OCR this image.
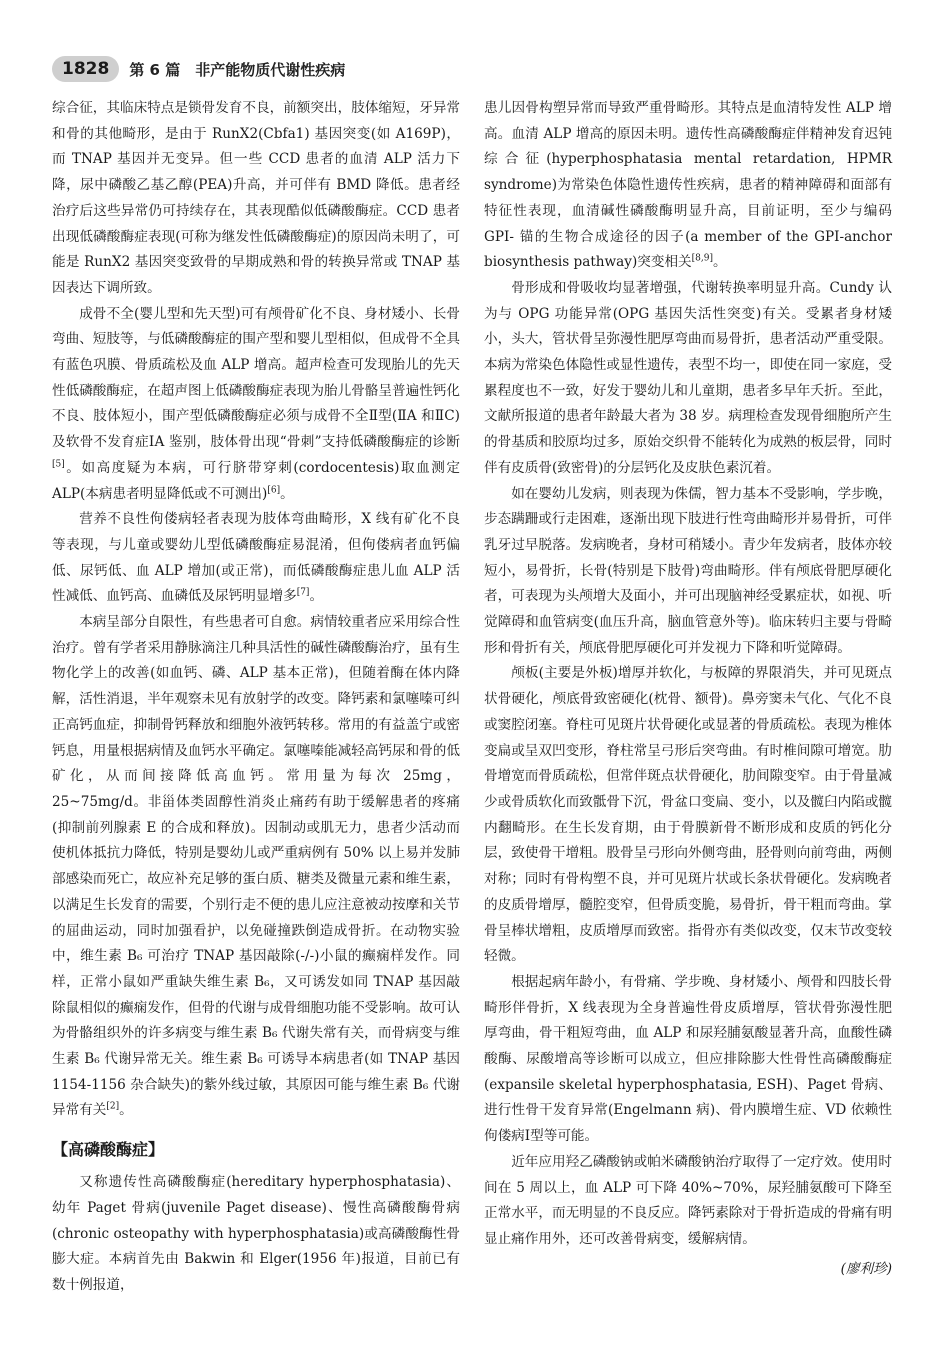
1828	第 6 篇　非产能物质代谢性疾病

综合征，其临床特点是锁骨发育不良，前额突出，肢体缩短，牙异常和骨的其他畸形，是由于 RunX2(Cbfa1) 基因突变(如 A169P)，而 TNAP 基因并无变异。但一些 CCD 患者的血清 ALP 活力下降，尿中磷酸乙基乙醇(PEA)升高，并可伴有 BMD 降低。患者经治疗后这些异常仍可持续存在，其表现酷似低磷酸酶症。CCD 患者出现低磷酸酶症表现(可称为继发性低磷酸酶症)的原因尚未明了，可能是 RunX2 基因突变致骨的早期成熟和骨的转换异常或 TNAP 基因表达下调所致。

成骨不全(婴儿型和先天型)可有颅骨矿化不良、身材矮小、长骨弯曲、短肢等，与低磷酸酶症的围产型和婴儿型相似，但成骨不全具有蓝色巩膜、骨质疏松及血 ALP 增高。超声检查可发现胎儿的先天性低磷酸酶症，在超声图上低磷酸酶症表现为胎儿骨骼呈普遍性钙化不良、肢体短小，围产型低磷酸酶症必须与成骨不全Ⅱ型(ⅡA 和ⅡC)及软骨不发育症ⅠA 鉴别，肢体骨出现“骨刺”支持低磷酸酶症的诊断[5]。如高度疑为本病，可行脐带穿刺(cordocentesis)取血测定 ALP(本病患者明显降低或不可测出)[6]。

营养不良性佝偻病轻者表现为肢体弯曲畸形，X 线有矿化不良等表现，与儿童或婴幼儿型低磷酸酶症易混淆，但佝偻病者血钙偏低、尿钙低、血 ALP 增加(或正常)，而低磷酸酶症患儿血 ALP 活性减低、血钙高、血磷低及尿钙明显增多[7]。

本病呈部分自限性，有些患者可自愈。病情较重者应采用综合性治疗。曾有学者采用静脉滴注几种具活性的碱性磷酸酶治疗，虽有生物化学上的改善(如血钙、磷、ALP 基本正常)，但随着酶在体内降解，活性消退，半年观察未见有放射学的改变。降钙素和氯噻嗪可纠正高钙血症，抑制骨钙释放和细胞外液钙转移。常用的有益盖宁或密钙息，用量根据病情及血钙水平确定。氯噻嗪能减轻高钙尿和骨的低矿化，从而间接降低高血钙。常用量为每次 25mg，25~75mg/d。非甾体类固醇性消炎止痛药有助于缓解患者的疼痛(抑制前列腺素 E 的合成和释放)。因制动或肌无力，患者少活动而使机体抵抗力降低，特别是婴幼儿或严重病例有 50% 以上易并发肺部感染而死亡，故应补充足够的蛋白质、糖类及微量元素和维生素，以满足生长发育的需要，个别行走不便的患儿应注意被动按摩和关节的屈曲运动，同时加强看护，以免碰撞跌倒造成骨折。在动物实验中，维生素 B₆ 可治疗 TNAP 基因敲除(-/-)小鼠的癫痫样发作。同样，正常小鼠如严重缺失维生素 B₆，又可诱发如同 TNAP 基因敲除鼠相似的癫痫发作，但骨的代谢与成骨细胞功能不受影响。故可认为骨骼组织外的许多病变与维生素 B₆ 代谢失常有关，而骨病变与维生素 B₆ 代谢异常无关。维生素 B₆ 可诱导本病患者(如 TNAP 基因 1154-1156 杂合缺失)的紫外线过敏，其原因可能与维生素 B₆ 代谢异常有关[2]。

【高磷酸酶症】

又称遗传性高磷酸酶症(hereditary hyperphosphatasia)、幼年 Paget 骨病(juvenile Paget disease)、慢性高磷酸酶骨病(chronic osteopathy with hyperphosphatasia)或高磷酸酶性骨膨大症。本病首先由 Bakwin 和 Elger(1956 年)报道，目前已有数十例报道，

患儿因骨构塑异常而导致严重骨畸形。其特点是血清特发性 ALP 增高。血清 ALP 增高的原因未明。遗传性高磷酸酶症伴精神发育迟钝综合征(hyperphosphatasia mental retardation, HPMR syndrome)为常染色体隐性遗传性疾病，患者的精神障碍和面部有特征性表现，血清碱性磷酸酶明显升高，目前证明，至少与编码 GPI- 锚的生物合成途径的因子(a member of the GPI-anchor biosynthesis pathway)突变相关[8,9]。

骨形成和骨吸收均显著增强，代谢转换率明显升高。Cundy 认为与 OPG 功能异常(OPG 基因失活性突变)有关。受累者身材矮小，头大，管状骨呈弥漫性肥厚弯曲而易骨折，患者活动严重受限。本病为常染色体隐性或显性遗传，表型不均一，即使在同一家庭，受累程度也不一致，好发于婴幼儿和儿童期，患者多早年夭折。至此，文献所报道的患者年龄最大者为 38 岁。病理检查发现骨细胞所产生的骨基质和胶原均过多，原始交织骨不能转化为成熟的板层骨，同时伴有皮质骨(致密骨)的分层钙化及皮肤色素沉着。

如在婴幼儿发病，则表现为侏儒，智力基本不受影响，学步晚，步态蹒跚或行走困难，逐渐出现下肢进行性弯曲畸形并易骨折，可伴乳牙过早脱落。发病晚者，身材可稍矮小。青少年发病者，肢体亦较短小，易骨折，长骨(特别是下肢骨)弯曲畸形。伴有颅底骨肥厚硬化者，可表现为头颅增大及面小，并可出现脑神经受累症状，如视、听觉障碍和血管病变(血压升高，脑血管意外等)。临床转归主要与骨畸形和骨折有关，颅底骨肥厚硬化可并发视力下降和听觉障碍。

颅板(主要是外板)增厚并软化，与板障的界限消失，并可见斑点状骨硬化，颅底骨致密硬化(枕骨、额骨)。鼻旁窦未气化、气化不良或窦腔闭塞。脊柱可见斑片状骨硬化或显著的骨质疏松。表现为椎体变扁或呈双凹变形，脊柱常呈弓形后突弯曲。有时椎间隙可增宽。肋骨增宽而骨质疏松，但常伴斑点状骨硬化，肋间隙变窄。由于骨量减少或骨质软化而致骶骨下沉，骨盆口变扁、变小，以及髋臼内陷或髋内翻畸形。在生长发育期，由于骨膜新骨不断形成和皮质的钙化分层，致使骨干增粗。股骨呈弓形向外侧弯曲，胫骨则向前弯曲，两侧对称；同时有骨构塑不良，并可见斑片状或长条状骨硬化。发病晚者的皮质骨增厚，髓腔变窄，但骨质变脆，易骨折，骨干粗而弯曲。掌骨呈棒状增粗，皮质增厚而致密。指骨亦有类似改变，仅末节改变较轻微。

根据起病年龄小，有骨痛、学步晚、身材矮小、颅骨和四肢长骨畸形伴骨折，X 线表现为全身普遍性骨皮质增厚，管状骨弥漫性肥厚弯曲，骨干粗短弯曲，血 ALP 和尿羟脯氨酸显著升高，血酸性磷酸酶、尿酸增高等诊断可以成立，但应排除膨大性骨性高磷酸酶症(expansile skeletal hyperphosphatasia, ESH)、Paget 骨病、进行性骨干发育异常(Engelmann 病)、骨内膜增生症、VD 依赖性佝偻病Ⅰ型等可能。

近年应用羟乙磷酸钠或帕米磷酸钠治疗取得了一定疗效。使用时间在 5 周以上，血 ALP 可下降 40%~70%，尿羟脯氨酸可下降至正常水平，而无明显的不良反应。降钙素除对于骨折造成的骨痛有明显止痛作用外，还可改善骨病变，缓解病情。

(廖利珍)
